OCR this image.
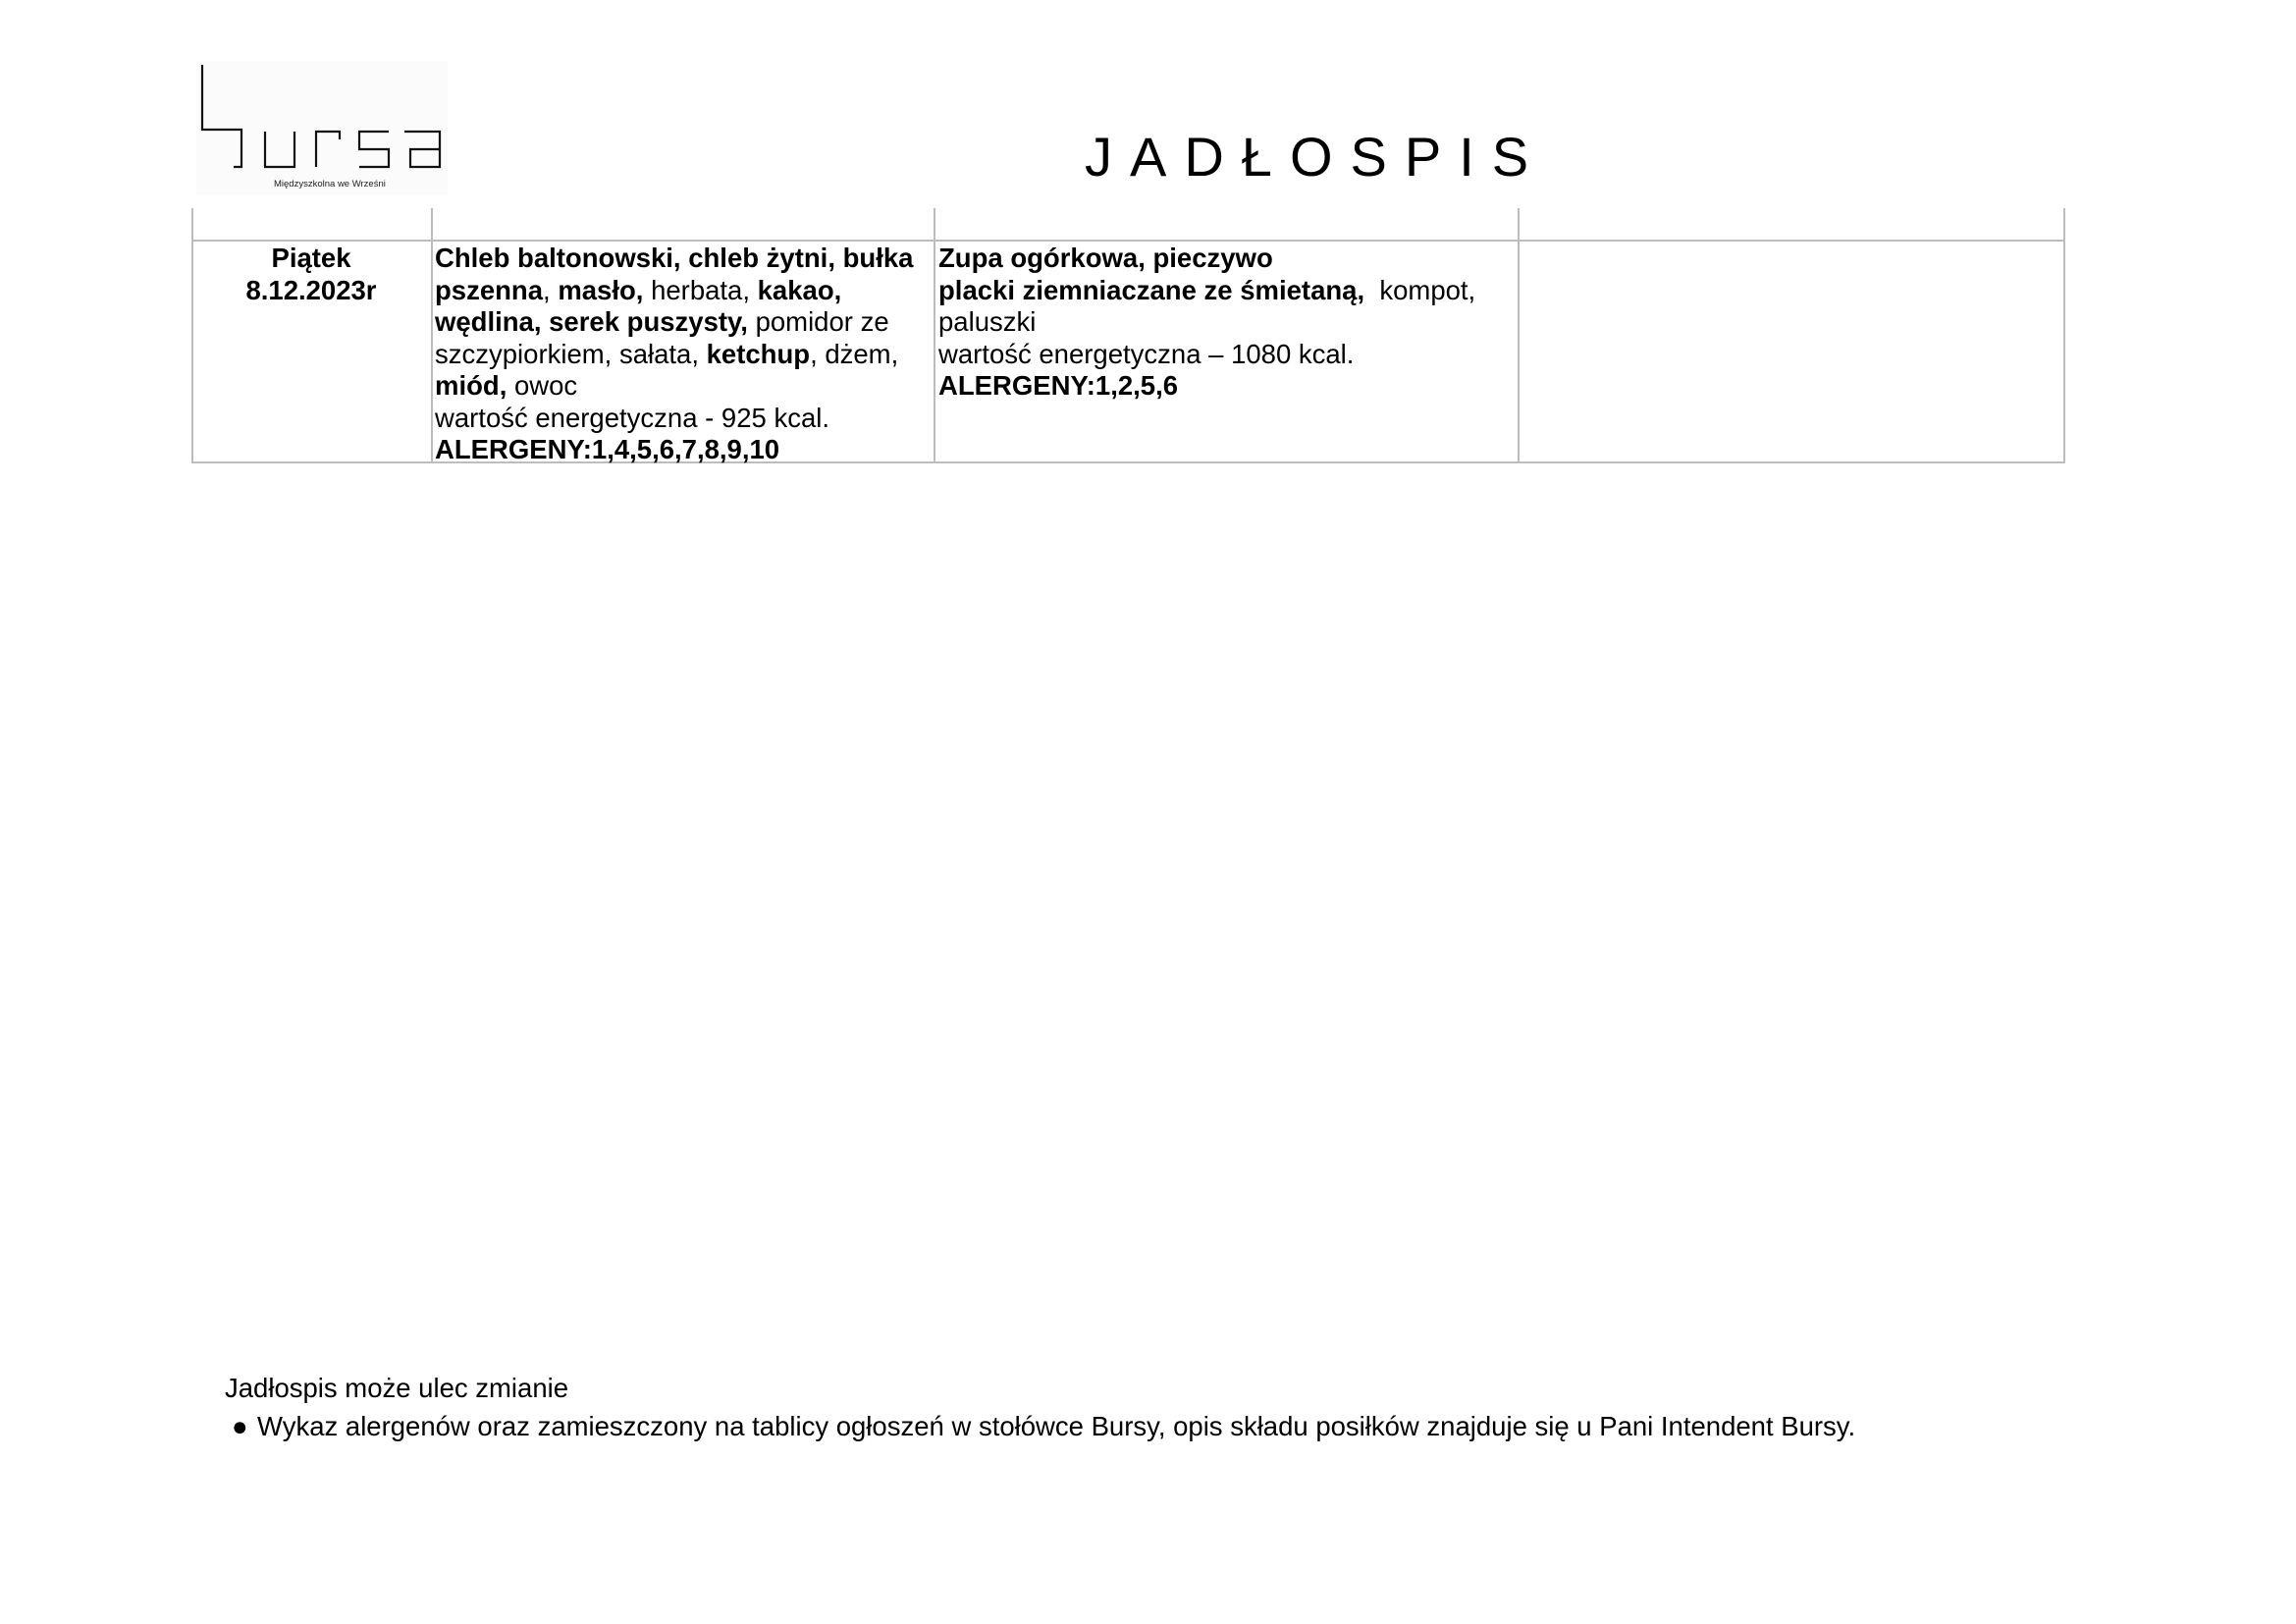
Międzyszkolna we Wrześni	JADŁOSPIS
Piątek
8.12.2023r
Chleb baltonowski, chleb żytni, bułka
pszenna, masło, herbata, kakao,
wędlina, serek puszysty, pomidor ze
szczypiorkiem, sałata, ketchup, dżem,
miód, owoc
wartość energetyczna - 925 kcal.
ALERGENY:1,4,5,6,7,8,9,10
Zupa ogórkowa, pieczywo
placki ziemniaczane ze śmietaną,  kompot,
paluszki
wartość energetyczna – 1080 kcal.
ALERGENY:1,2,5,6
Jadłospis może ulec zmianie
● Wykaz alergenów oraz zamieszczony na tablicy ogłoszeń w stołówce Bursy, opis składu posiłków znajduje się u Pani Intendent Bursy.
